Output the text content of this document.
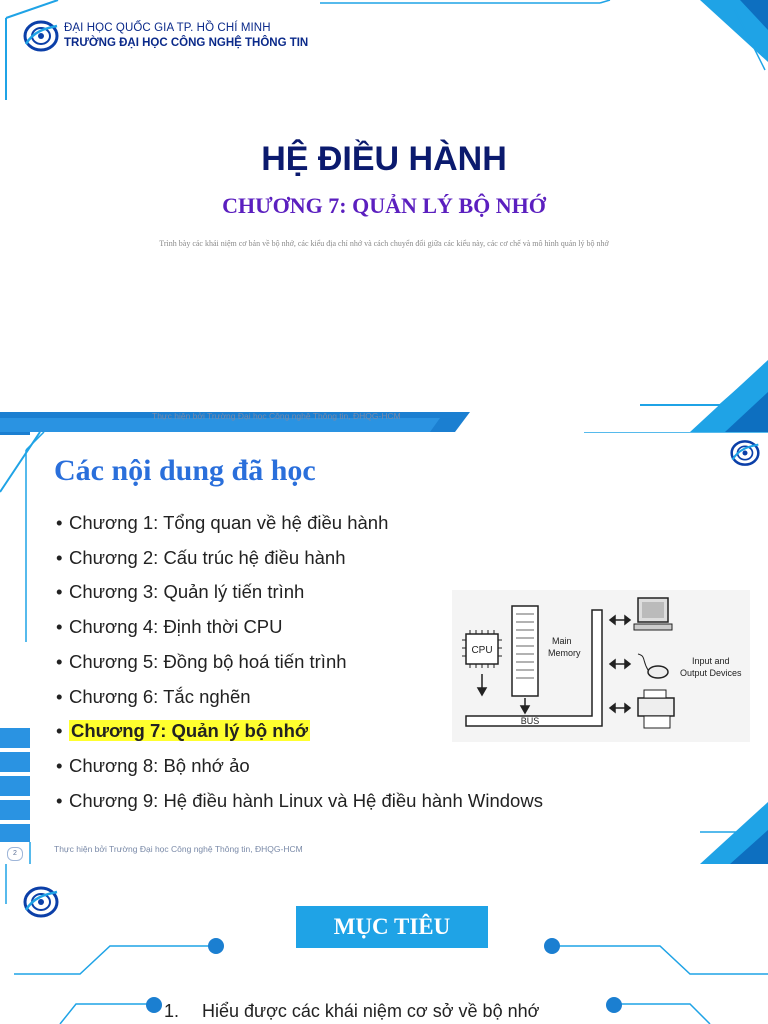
ĐẠI HỌC QUỐC GIA TP. HỒ CHÍ MINH
TRƯỜNG ĐẠI HỌC CÔNG NGHỆ THÔNG TIN
HỆ ĐIỀU HÀNH
CHƯƠNG 7: QUẢN LÝ BỘ NHỚ
Trình bày các khái niệm cơ bản về bộ nhớ, các kiểu địa chỉ nhớ và cách chuyển đổi giữa các kiểu này, các cơ chế và mô hình quản lý bộ nhớ
Thực hiện bởi Trường Đại học Công nghệ Thông tin, ĐHQG-HCM
Các nội dung đã học
• Chương 1: Tổng quan về hệ điều hành
• Chương 2: Cấu trúc hệ điều hành
• Chương 3: Quản lý tiến trình
• Chương 4: Định thời CPU
• Chương 5: Đồng bộ hoá tiến trình
• Chương 6: Tắc nghẽn
• Chương 7: Quản lý bộ nhớ
• Chương 8: Bộ nhớ ảo
• Chương 9: Hệ điều hành Linux và Hệ điều hành Windows
CPU
Main
Memory
BUS
Input and
Output Devices
Thực hiện bởi Trường Đại học Công nghệ Thông tin, ĐHQG-HCM
2
MỤC TIÊU
1. Hiểu được các khái niệm cơ sở về bộ nhớ
